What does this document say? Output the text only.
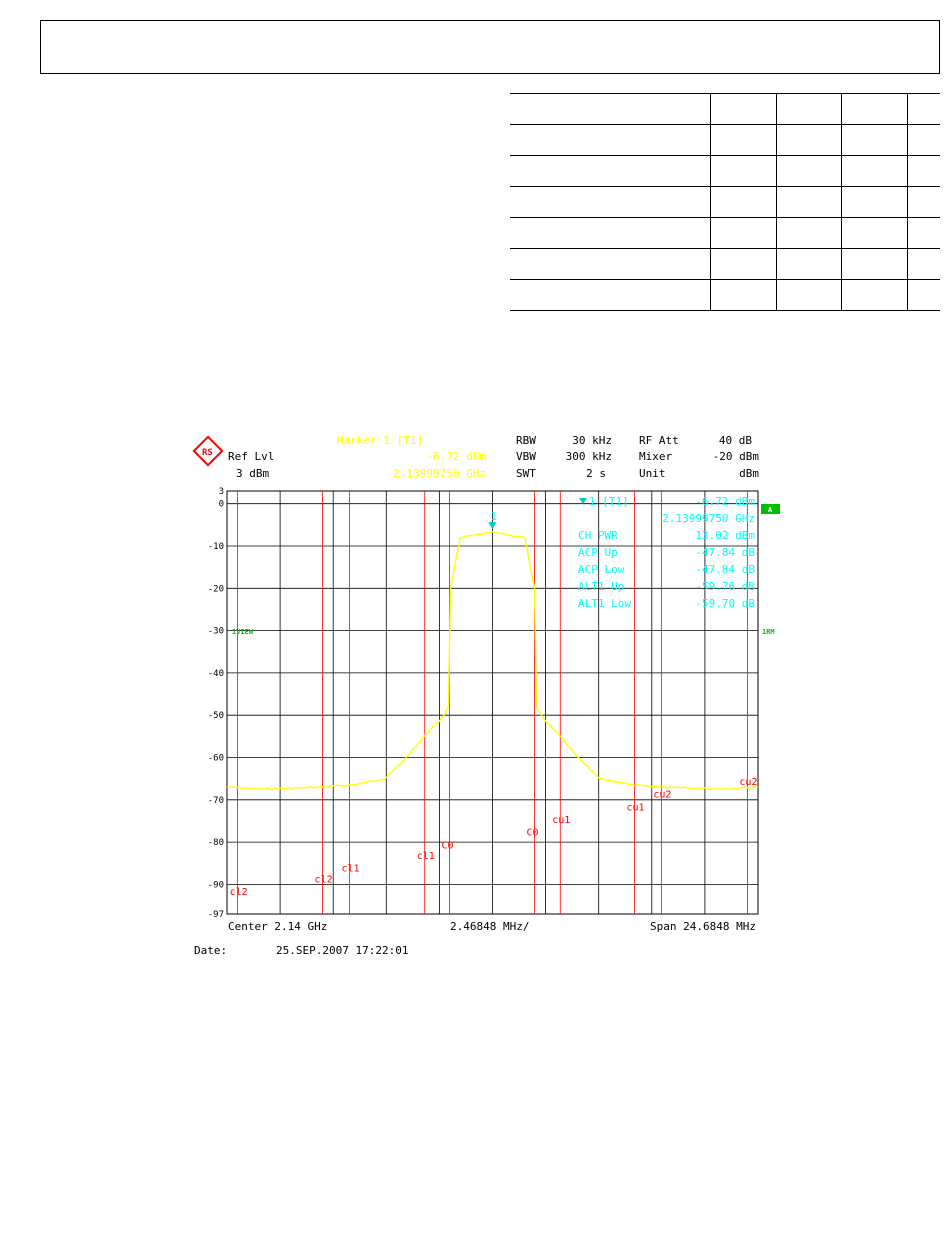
RS
Marker 1 [T1]
Ref Lvl
3 dBm
-6.72 dBm
2.13999750 GHz
RBW	30 kHz
VBW	300 kHz
SWT	2 s
RF Att	40 dB
Mixer	-20 dBm
Unit	dBm
3
0
-10
-20
-30
-40
-50
-60
-70
-80
-90
-97
cl2
cl2
cl1
cl1
C0
C0
cu1
cu1
cu2
cu2
1
1 [T1]	-6.72 dBm
2.13999750 GHz
CH PWR	13.02 dBm
ACP Up	-47.84 dB
ACP Low	-47.84 dB
ALT1 Up	-59.76 dB
ALT1 Low	-59.70 dB
A
1VIEW	1RM
Center 2.14 GHz	2.46848 MHz/	Span 24.6848 MHz
Date:	25.SEP.2007 17:22:01
